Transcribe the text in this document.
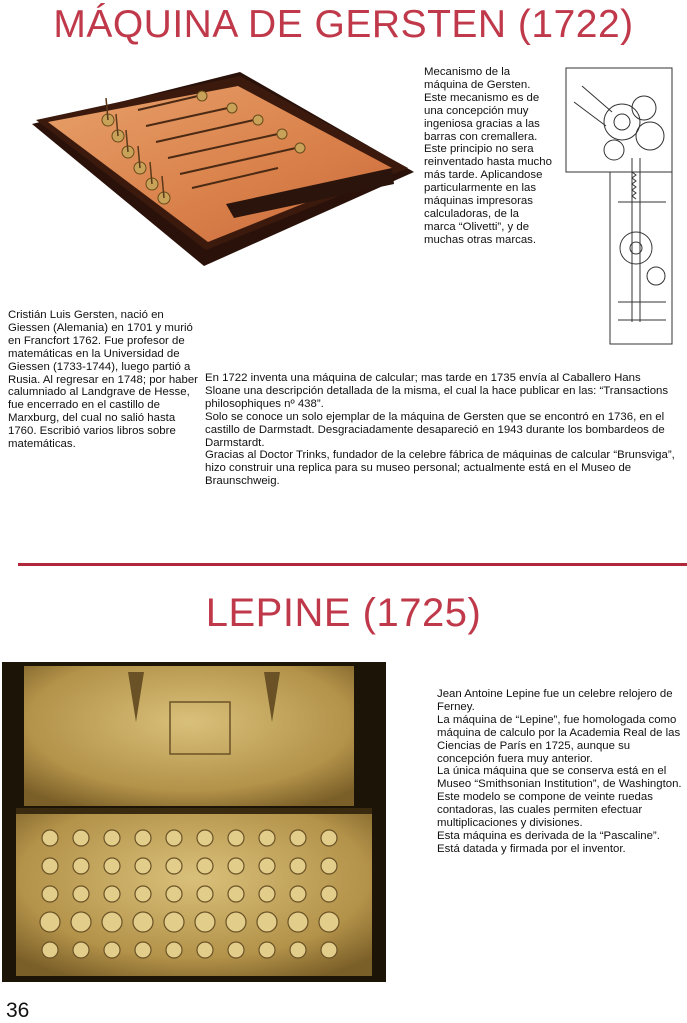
MÁQUINA DE GERSTEN (1722)

Mecanismo de la máquina de Gersten. Este mecanismo es de una concepción muy ingeniosa gracias a las barras con cremallera. Este principio no sera reinventado hasta mucho más tarde. Aplicandose particularmente en las máquinas impresoras calculadoras, de la marca “Olivetti”, y de muchas otras marcas.

Cristián Luis Gersten, nació en Giessen (Alemania) en 1701 y murió en Francfort 1762. Fue profesor de matemáticas en la Universidad de Giessen (1733-1744), luego partió a Rusia. Al regresar en 1748; por haber calumniado al Landgrave de Hesse, fue encerrado en el castillo de Marxburg, del cual no salió hasta 1760. Escribió varios libros sobre matemáticas.

En 1722 inventa una máquina de calcular; mas tarde en 1735 envía al Caballero Hans Sloane una descripción detallada de la misma, el cual la hace publicar en las: “Transactions philosophiques nº 438”.

Solo se conoce un solo ejemplar de la máquina de Gersten que se encontró en 1736, en el castillo de Darmstadt. Desgraciadamente desapareció en 1943 durante los bombardeos de Darmstardt.

Gracias al Doctor Trinks, fundador de la celebre fábrica de máquinas de calcular “Brunsviga”, hizo construir una replica para su museo personal; actualmente está en el Museo de Braunschweig.

LEPINE (1725)

Jean Antoine Lepine fue un celebre relojero de Ferney.

La máquina de “Lepine”, fue homologada como máquina de calculo por la Academia Real de las Ciencias de París en 1725, aunque su concepción fuera muy anterior.

La única máquina que se conserva está en el Museo “Smithsonian Institution”, de Washington.

Este modelo se compone de veinte ruedas contadoras, las cuales permiten efectuar multiplicaciones y divisiones.

Esta máquina es derivada de la “Pascaline”.

Está datada y firmada por el inventor.

36
